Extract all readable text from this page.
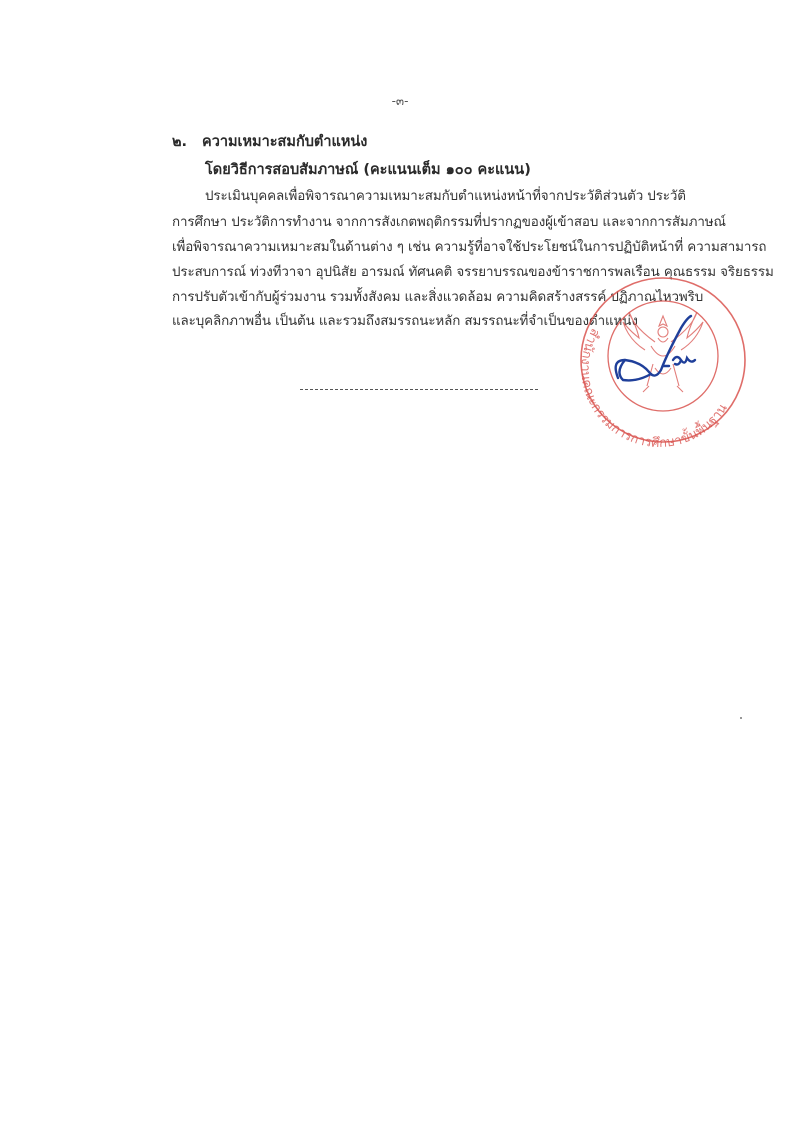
-๓-
๒. ความเหมาะสมกับตำแหน่ง
โดยวิธีการสอบสัมภาษณ์ (คะแนนเต็ม ๑๐๐ คะแนน)
ประเมินบุคคลเพื่อพิจารณาความเหมาะสมกับตำแหน่งหน้าที่จากประวัติส่วนตัว ประวัติ
การศึกษา ประวัติการทำงาน จากการสังเกตพฤติกรรมที่ปรากฏของผู้เข้าสอบ และจากการสัมภาษณ์
เพื่อพิจารณาความเหมาะสมในด้านต่าง ๆ เช่น ความรู้ที่อาจใช้ประโยชน์ในการปฏิบัติหน้าที่ ความสามารถ
ประสบการณ์ ท่วงทีวาจา อุปนิสัย อารมณ์ ทัศนคติ จรรยาบรรณของข้าราชการพลเรือน คุณธรรม จริยธรรม
การปรับตัวเข้ากับผู้ร่วมงาน รวมทั้งสังคม และสิ่งแวดล้อม ความคิดสร้างสรรค์ ปฏิภาณไหวพริบ
และบุคลิกภาพอื่น เป็นต้น และรวมถึงสมรรถนะหลัก สมรรถนะที่จำเป็นของตำแหน่ง
สำนักงานคณะกรรมการการศึกษาขั้นพื้นฐาน
